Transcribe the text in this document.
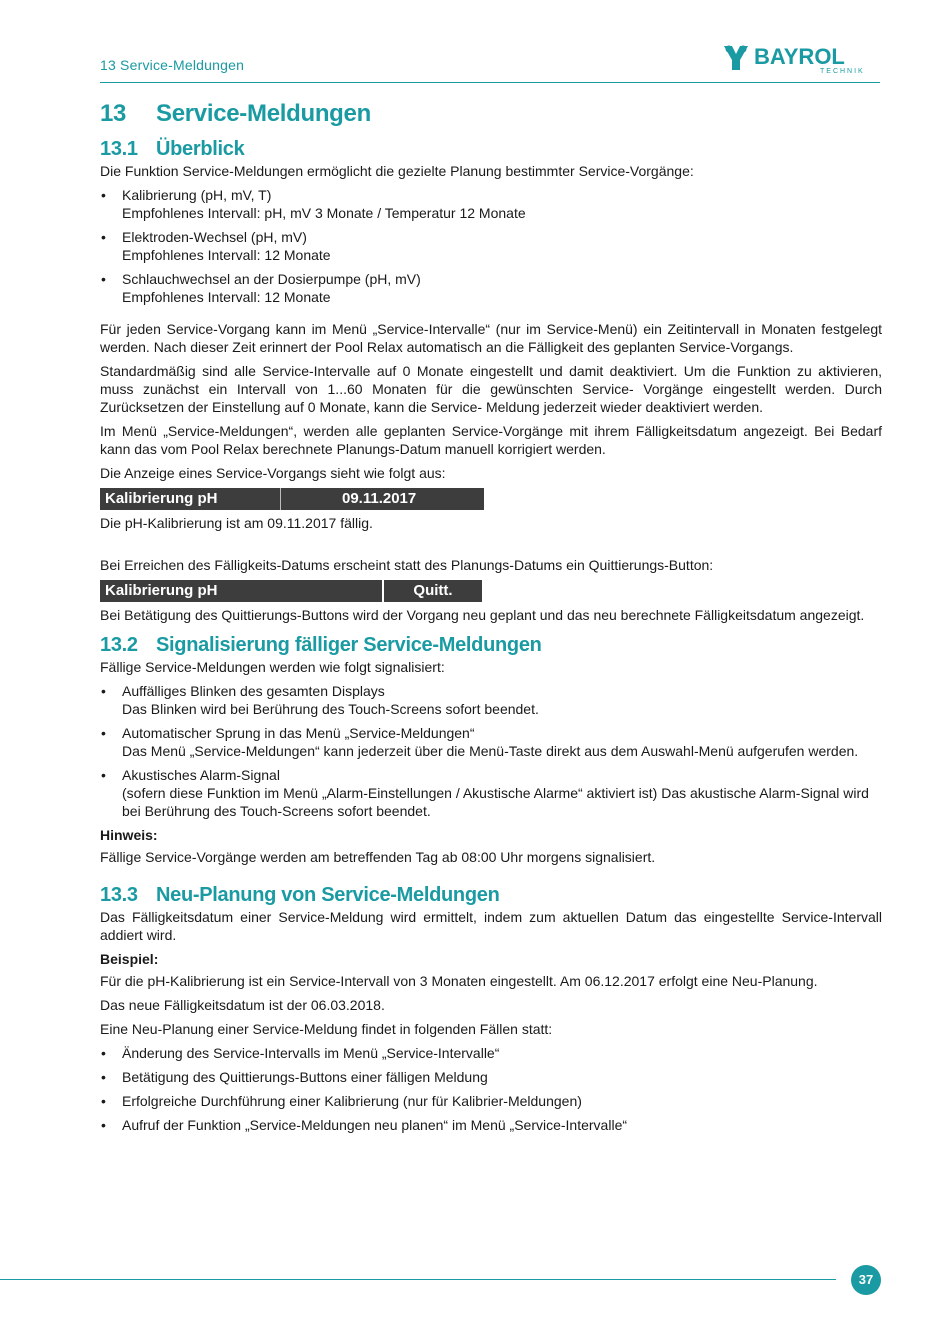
13 Service-Meldungen	BAYROL
TECHNIK
13 Service-Meldungen
13.1 Überblick

Die Funktion Service-Meldungen ermöglicht die gezielte Planung bestimmter Service-Vorgänge:

• Kalibrierung (pH, mV, T)
Empfohlenes Intervall: pH, mV 3 Monate / Temperatur 12 Monate
• Elektroden-Wechsel (pH, mV)
Empfohlenes Intervall: 12 Monate
• Schlauchwechsel an der Dosierpumpe (pH, mV)
Empfohlenes Intervall: 12 Monate

Für jeden Service-Vorgang kann im Menü „Service-Intervalle“ (nur im Service-Menü) ein Zeitintervall in Monaten festgelegt werden. Nach dieser Zeit erinnert der Pool Relax automatisch an die Fälligkeit des geplanten Service-Vorgangs.

Standardmäßig sind alle Service-Intervalle auf 0 Monate eingestellt und damit deaktiviert. Um die Funktion zu aktivieren, muss zunächst ein Intervall von 1...60 Monaten für die gewünschten Service- Vorgänge eingestellt werden. Durch Zurücksetzen der Einstellung auf 0 Monate, kann die Service- Meldung jederzeit wieder deaktiviert werden.

Im Menü „Service-Meldungen“, werden alle geplanten Service-Vorgänge mit ihrem Fälligkeitsdatum angezeigt. Bei Bedarf kann das vom Pool Relax berechnete Planungs-Datum manuell korrigiert werden.

Die Anzeige eines Service-Vorgangs sieht wie folgt aus:

Kalibrierung pH	09.11.2017

Die pH-Kalibrierung ist am 09.11.2017 fällig.

Bei Erreichen des Fälligkeits-Datums erscheint statt des Planungs-Datums ein Quittierungs-Button:

Kalibrierung pH	Quitt.

Bei Betätigung des Quittierungs-Buttons wird der Vorgang neu geplant und das neu berechnete Fälligkeitsdatum angezeigt.

13.2 Signalisierung fälliger Service-Meldungen

Fällige Service-Meldungen werden wie folgt signalisiert:

• Auffälliges Blinken des gesamten Displays
Das Blinken wird bei Berührung des Touch-Screens sofort beendet.
• Automatischer Sprung in das Menü „Service-Meldungen“
Das Menü „Service-Meldungen“ kann jederzeit über die Menü-Taste direkt aus dem Auswahl-Menü aufgerufen werden.
• Akustisches Alarm-Signal
(sofern diese Funktion im Menü „Alarm-Einstellungen / Akustische Alarme“ aktiviert ist) Das akustische Alarm-Signal wird bei Berührung des Touch-Screens sofort beendet.

Hinweis:

Fällige Service-Vorgänge werden am betreffenden Tag ab 08:00 Uhr morgens signalisiert.

13.3 Neu-Planung von Service-Meldungen

Das Fälligkeitsdatum einer Service-Meldung wird ermittelt, indem zum aktuellen Datum das eingestellte Service-Intervall addiert wird.

Beispiel:

Für die pH-Kalibrierung ist ein Service-Intervall von 3 Monaten eingestellt. Am 06.12.2017 erfolgt eine Neu-Planung.

Das neue Fälligkeitsdatum ist der 06.03.2018.

Eine Neu-Planung einer Service-Meldung findet in folgenden Fällen statt:

• Änderung des Service-Intervalls im Menü „Service-Intervalle“
• Betätigung des Quittierungs-Buttons einer fälligen Meldung
• Erfolgreiche Durchführung einer Kalibrierung (nur für Kalibrier-Meldungen)
• Aufruf der Funktion „Service-Meldungen neu planen“ im Menü „Service-Intervalle“
37
